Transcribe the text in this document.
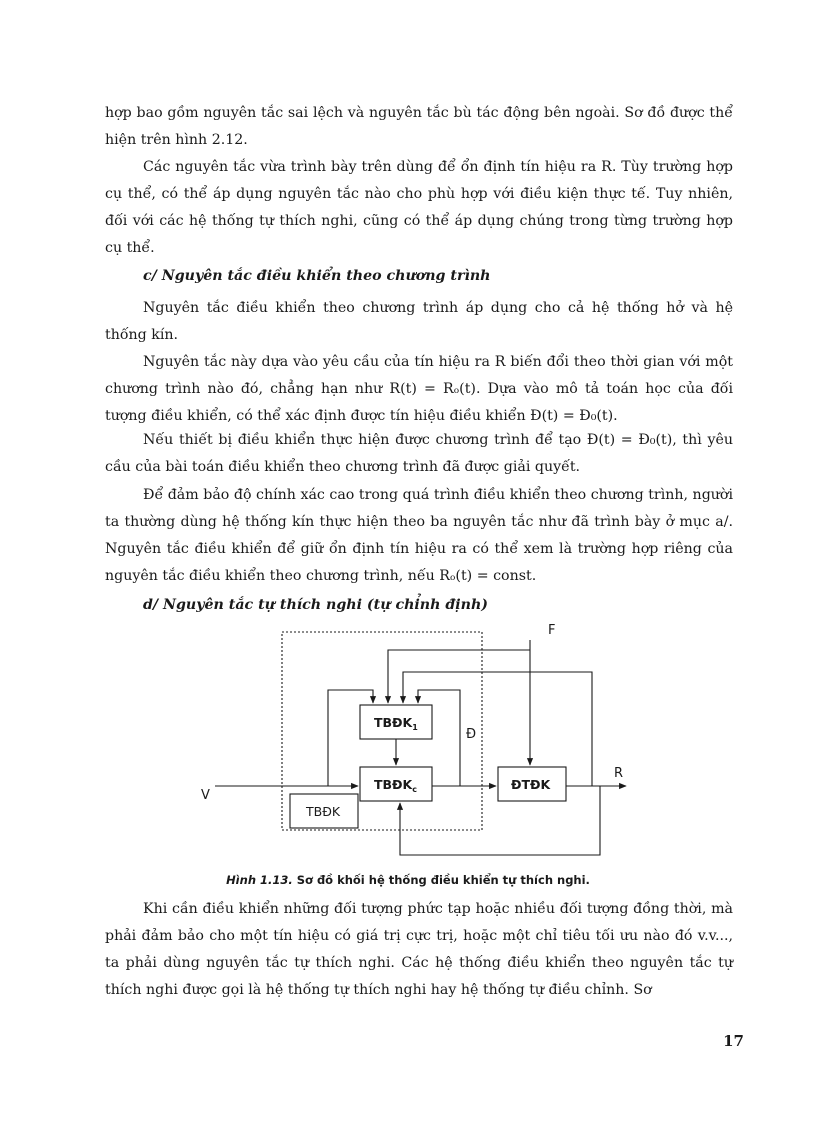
hợp bao gồm nguyên tắc sai lệch và nguyên tắc bù tác động bên ngoài. Sơ đồ được thể hiện trên hình 2.12.

Các nguyên tắc vừa trình bày trên dùng để ổn định tín hiệu ra R. Tùy trường hợp cụ thể, có thể áp dụng nguyên tắc nào cho phù hợp với điều kiện thực tế. Tuy nhiên, đối với các hệ thống tự thích nghi, cũng có thể áp dụng chúng trong từng trường hợp cụ thể.

c/ Nguyên tắc điều khiển theo chương trình

Nguyên tắc điều khiển theo chương trình áp dụng cho cả hệ thống hở và hệ thống kín.

Nguyên tắc này dựa vào yêu cầu của tín hiệu ra R biến đổi theo thời gian với một chương trình nào đó, chẳng hạn như R(t) = Rₒ(t). Dựa vào mô tả toán học của đối tượng điều khiển, có thể xác định được tín hiệu điều khiển Đ(t) = Đ₀(t).

Nếu thiết bị điều khiển thực hiện được chương trình để tạo Đ(t) = Đ₀(t), thì yêu cầu của bài toán điều khiển theo chương trình đã được giải quyết.

Để đảm bảo độ chính xác cao trong quá trình điều khiển theo chương trình, người ta thường dùng hệ thống kín thực hiện theo ba nguyên tắc như đã trình bày ở mục a/. Nguyên tắc điều khiển để giữ ổn định tín hiệu ra có thể xem là trường hợp riêng của nguyên tắc điều khiển theo chương trình, nếu Rₒ(t) = const.

d/ Nguyên tắc tự thích nghi (tự chỉnh định)

$TBĐK_1$
$TBĐK_c$
TBĐK
ĐTĐK
F
V
R
Đ
Hình 1.13. Sơ đồ khối hệ thống điều khiển tự thích nghi.

Khi cần điều khiển những đối tượng phức tạp hoặc nhiều đối tượng đồng thời, mà phải đảm bảo cho một tín hiệu có giá trị cực trị, hoặc một chỉ tiêu tối ưu nào đó v.v..., ta phải dùng nguyên tắc tự thích nghi. Các hệ thống điều khiển theo nguyên tắc tự thích nghi được gọi là hệ thống tự thích nghi hay hệ thống tự điều chỉnh. Sơ

17
